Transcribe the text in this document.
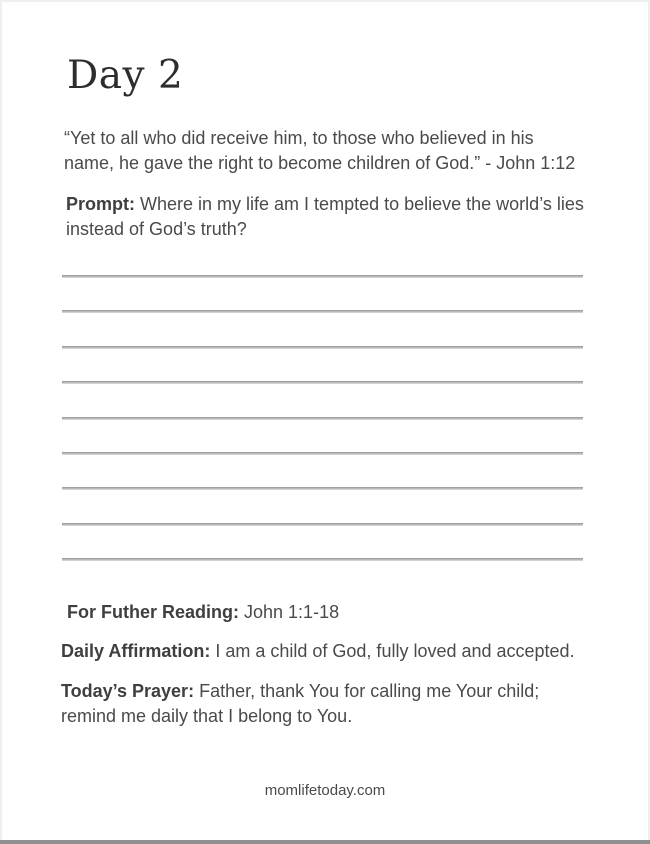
Day 2

“Yet to all who did receive him, to those who believed in his name, he gave the right to become children of God.” - John 1:12

Prompt: Where in my life am I tempted to believe the world’s lies instead of God’s truth?

For Futher Reading: John 1:1-18

Daily Affirmation: I am a child of God, fully loved and accepted.

Today’s Prayer: Father, thank You for calling me Your child; remind me daily that I belong to You.

momlifetoday.com
